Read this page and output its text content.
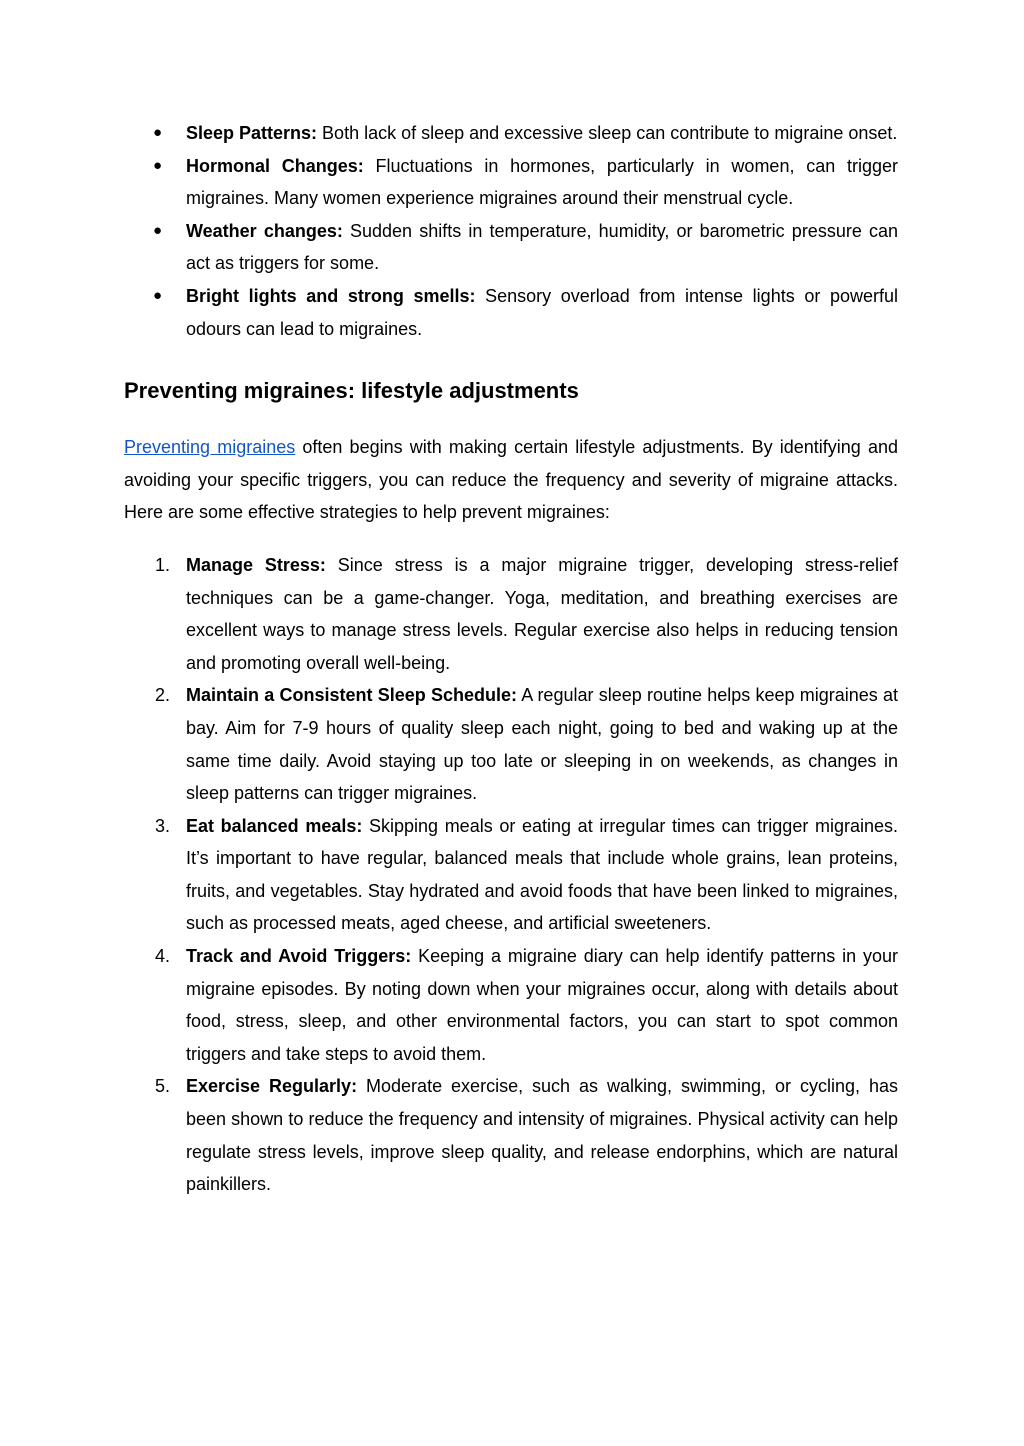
● Sleep Patterns: Both lack of sleep and excessive sleep can contribute to migraine onset.
● Hormonal Changes: Fluctuations in hormones, particularly in women, can trigger migraines. Many women experience migraines around their menstrual cycle.
● Weather changes: Sudden shifts in temperature, humidity, or barometric pressure can act as triggers for some.
● Bright lights and strong smells: Sensory overload from intense lights or powerful odours can lead to migraines.
Preventing migraines: lifestyle adjustments

Preventing migraines often begins with making certain lifestyle adjustments. By identifying and avoiding your specific triggers, you can reduce the frequency and severity of migraine attacks. Here are some effective strategies to help prevent migraines:

1. Manage Stress: Since stress is a major migraine trigger, developing stress-relief techniques can be a game-changer. Yoga, meditation, and breathing exercises are excellent ways to manage stress levels. Regular exercise also helps in reducing tension and promoting overall well-being.
2. Maintain a Consistent Sleep Schedule: A regular sleep routine helps keep migraines at bay. Aim for 7-9 hours of quality sleep each night, going to bed and waking up at the same time daily. Avoid staying up too late or sleeping in on weekends, as changes in sleep patterns can trigger migraines.
3. Eat balanced meals: Skipping meals or eating at irregular times can trigger migraines. It’s important to have regular, balanced meals that include whole grains, lean proteins, fruits, and vegetables. Stay hydrated and avoid foods that have been linked to migraines, such as processed meats, aged cheese, and artificial sweeteners.
4. Track and Avoid Triggers: Keeping a migraine diary can help identify patterns in your migraine episodes. By noting down when your migraines occur, along with details about food, stress, sleep, and other environmental factors, you can start to spot common triggers and take steps to avoid them.
5. Exercise Regularly: Moderate exercise, such as walking, swimming, or cycling, has been shown to reduce the frequency and intensity of migraines. Physical activity can help regulate stress levels, improve sleep quality, and release endorphins, which are natural painkillers.
